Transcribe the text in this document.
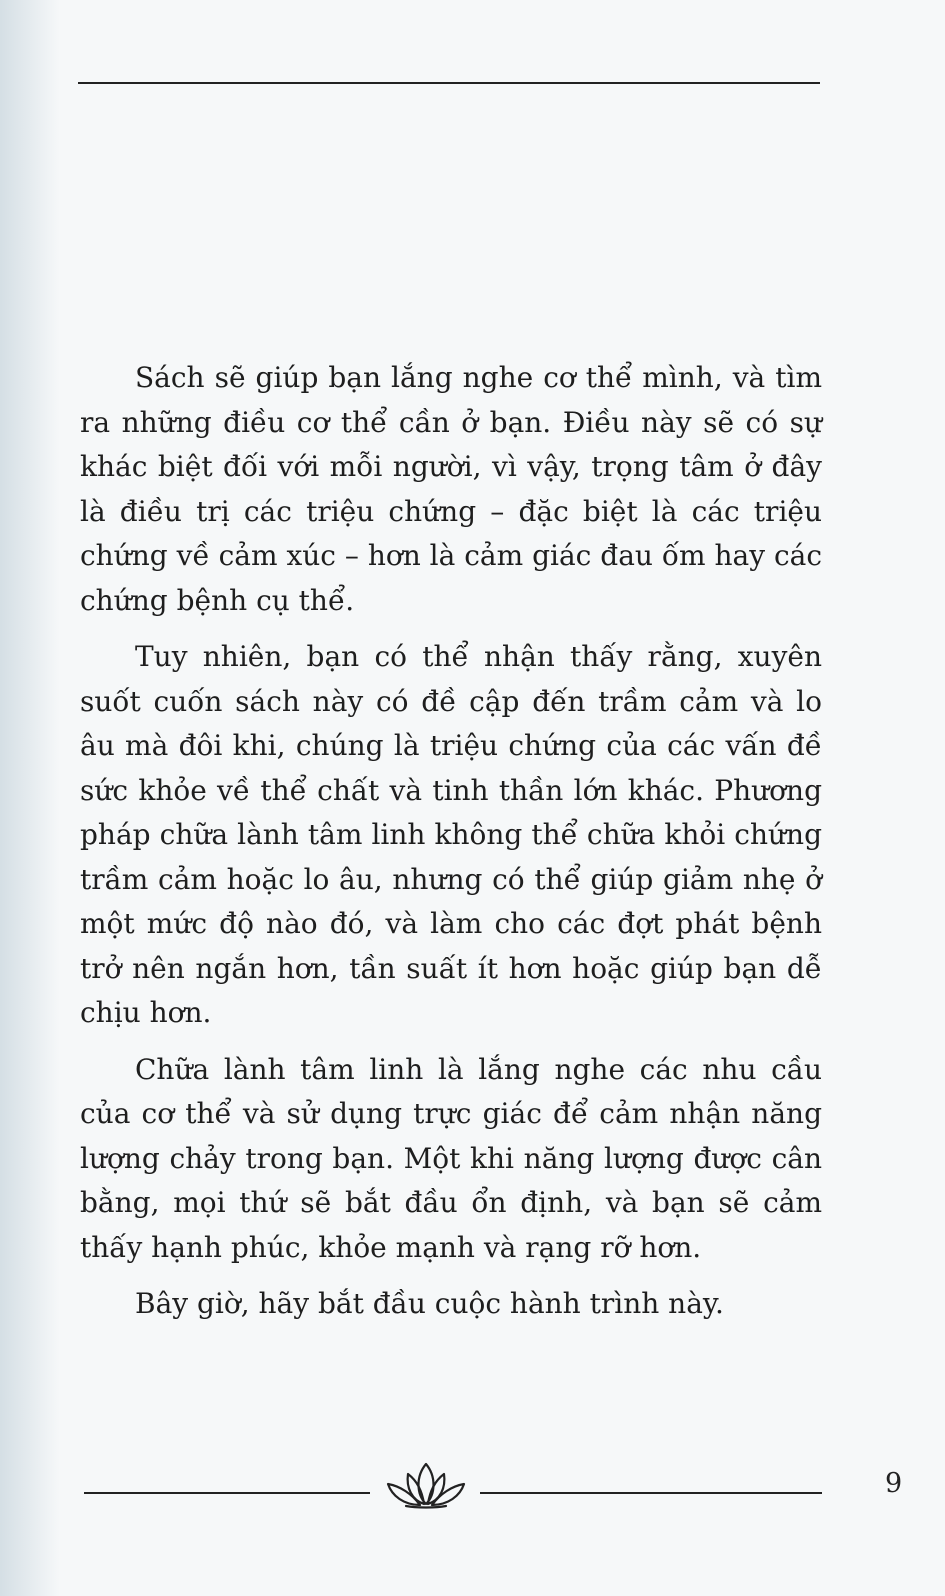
Sách sẽ giúp bạn lắng nghe cơ thể mình, và tìm ra những điều cơ thể cần ở bạn. Điều này sẽ có sự khác biệt đối với mỗi người, vì vậy, trọng tâm ở đây là điều trị các triệu chứng – đặc biệt là các triệu chứng về cảm xúc – hơn là cảm giác đau ốm hay các chứng bệnh cụ thể.

Tuy nhiên, bạn có thể nhận thấy rằng, xuyên suốt cuốn sách này có đề cập đến trầm cảm và lo âu mà đôi khi, chúng là triệu chứng của các vấn đề sức khỏe về thể chất và tinh thần lớn khác. Phương pháp chữa lành tâm linh không thể chữa khỏi chứng trầm cảm hoặc lo âu, nhưng có thể giúp giảm nhẹ ở một mức độ nào đó, và làm cho các đợt phát bệnh trở nên ngắn hơn, tần suất ít hơn hoặc giúp bạn dễ chịu hơn.

Chữa lành tâm linh là lắng nghe các nhu cầu của cơ thể và sử dụng trực giác để cảm nhận năng lượng chảy trong bạn. Một khi năng lượng được cân bằng, mọi thứ sẽ bắt đầu ổn định, và bạn sẽ cảm thấy hạnh phúc, khỏe mạnh và rạng rỡ hơn.

Bây giờ, hãy bắt đầu cuộc hành trình này.

9
